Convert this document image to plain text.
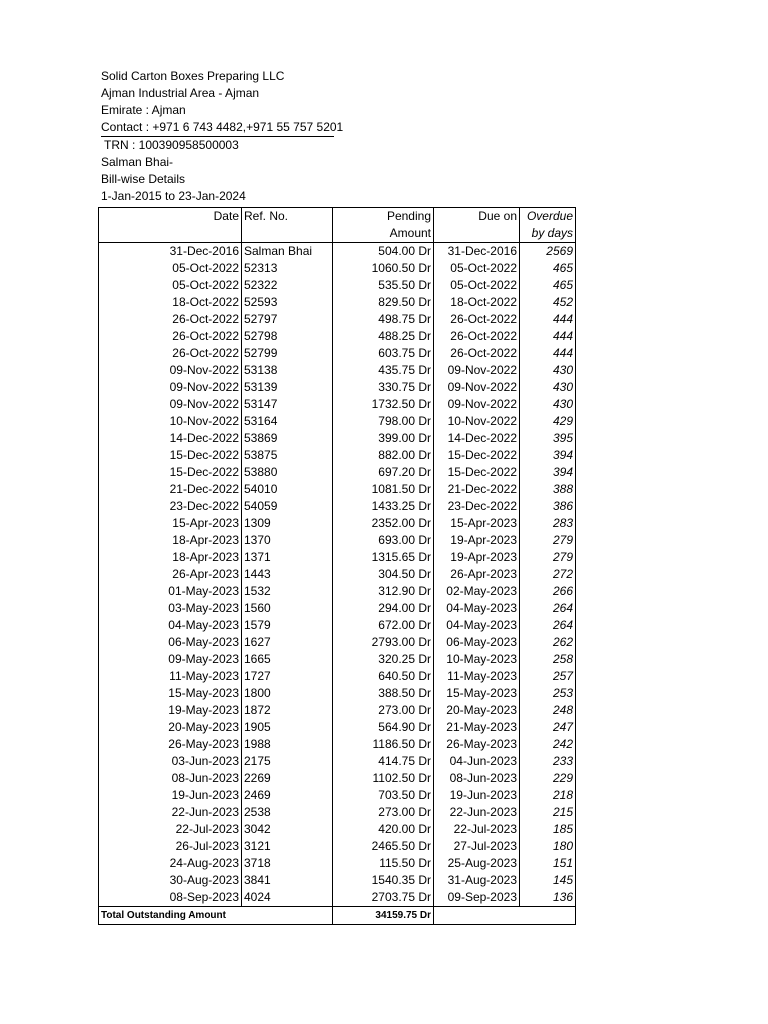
Solid Carton Boxes Preparing LLC
Ajman Industrial Area - Ajman
Emirate : Ajman
Contact : +971 6 743 4482,+971 55 757 5201
TRN : 100390958500003
Salman Bhai-
Bill-wise Details
1-Jan-2015 to 23-Jan-2024
Date	Ref. No.	Pending	Due on	Overdue
		Amount		by days
31-Dec-2016	Salman Bhai	504.00 Dr	31-Dec-2016	2569
05-Oct-2022	52313	1060.50 Dr	05-Oct-2022	465
05-Oct-2022	52322	535.50 Dr	05-Oct-2022	465
18-Oct-2022	52593	829.50 Dr	18-Oct-2022	452
26-Oct-2022	52797	498.75 Dr	26-Oct-2022	444
26-Oct-2022	52798	488.25 Dr	26-Oct-2022	444
26-Oct-2022	52799	603.75 Dr	26-Oct-2022	444
09-Nov-2022	53138	435.75 Dr	09-Nov-2022	430
09-Nov-2022	53139	330.75 Dr	09-Nov-2022	430
09-Nov-2022	53147	1732.50 Dr	09-Nov-2022	430
10-Nov-2022	53164	798.00 Dr	10-Nov-2022	429
14-Dec-2022	53869	399.00 Dr	14-Dec-2022	395
15-Dec-2022	53875	882.00 Dr	15-Dec-2022	394
15-Dec-2022	53880	697.20 Dr	15-Dec-2022	394
21-Dec-2022	54010	1081.50 Dr	21-Dec-2022	388
23-Dec-2022	54059	1433.25 Dr	23-Dec-2022	386
15-Apr-2023	1309	2352.00 Dr	15-Apr-2023	283
18-Apr-2023	1370	693.00 Dr	19-Apr-2023	279
18-Apr-2023	1371	1315.65 Dr	19-Apr-2023	279
26-Apr-2023	1443	304.50 Dr	26-Apr-2023	272
01-May-2023	1532	312.90 Dr	02-May-2023	266
03-May-2023	1560	294.00 Dr	04-May-2023	264
04-May-2023	1579	672.00 Dr	04-May-2023	264
06-May-2023	1627	2793.00 Dr	06-May-2023	262
09-May-2023	1665	320.25 Dr	10-May-2023	258
11-May-2023	1727	640.50 Dr	11-May-2023	257
15-May-2023	1800	388.50 Dr	15-May-2023	253
19-May-2023	1872	273.00 Dr	20-May-2023	248
20-May-2023	1905	564.90 Dr	21-May-2023	247
26-May-2023	1988	1186.50 Dr	26-May-2023	242
03-Jun-2023	2175	414.75 Dr	04-Jun-2023	233
08-Jun-2023	2269	1102.50 Dr	08-Jun-2023	229
19-Jun-2023	2469	703.50 Dr	19-Jun-2023	218
22-Jun-2023	2538	273.00 Dr	22-Jun-2023	215
22-Jul-2023	3042	420.00 Dr	22-Jul-2023	185
26-Jul-2023	3121	2465.50 Dr	27-Jul-2023	180
24-Aug-2023	3718	115.50 Dr	25-Aug-2023	151
30-Aug-2023	3841	1540.35 Dr	31-Aug-2023	145
08-Sep-2023	4024	2703.75 Dr	09-Sep-2023	136
Total Outstanding Amount		34159.75 Dr		
